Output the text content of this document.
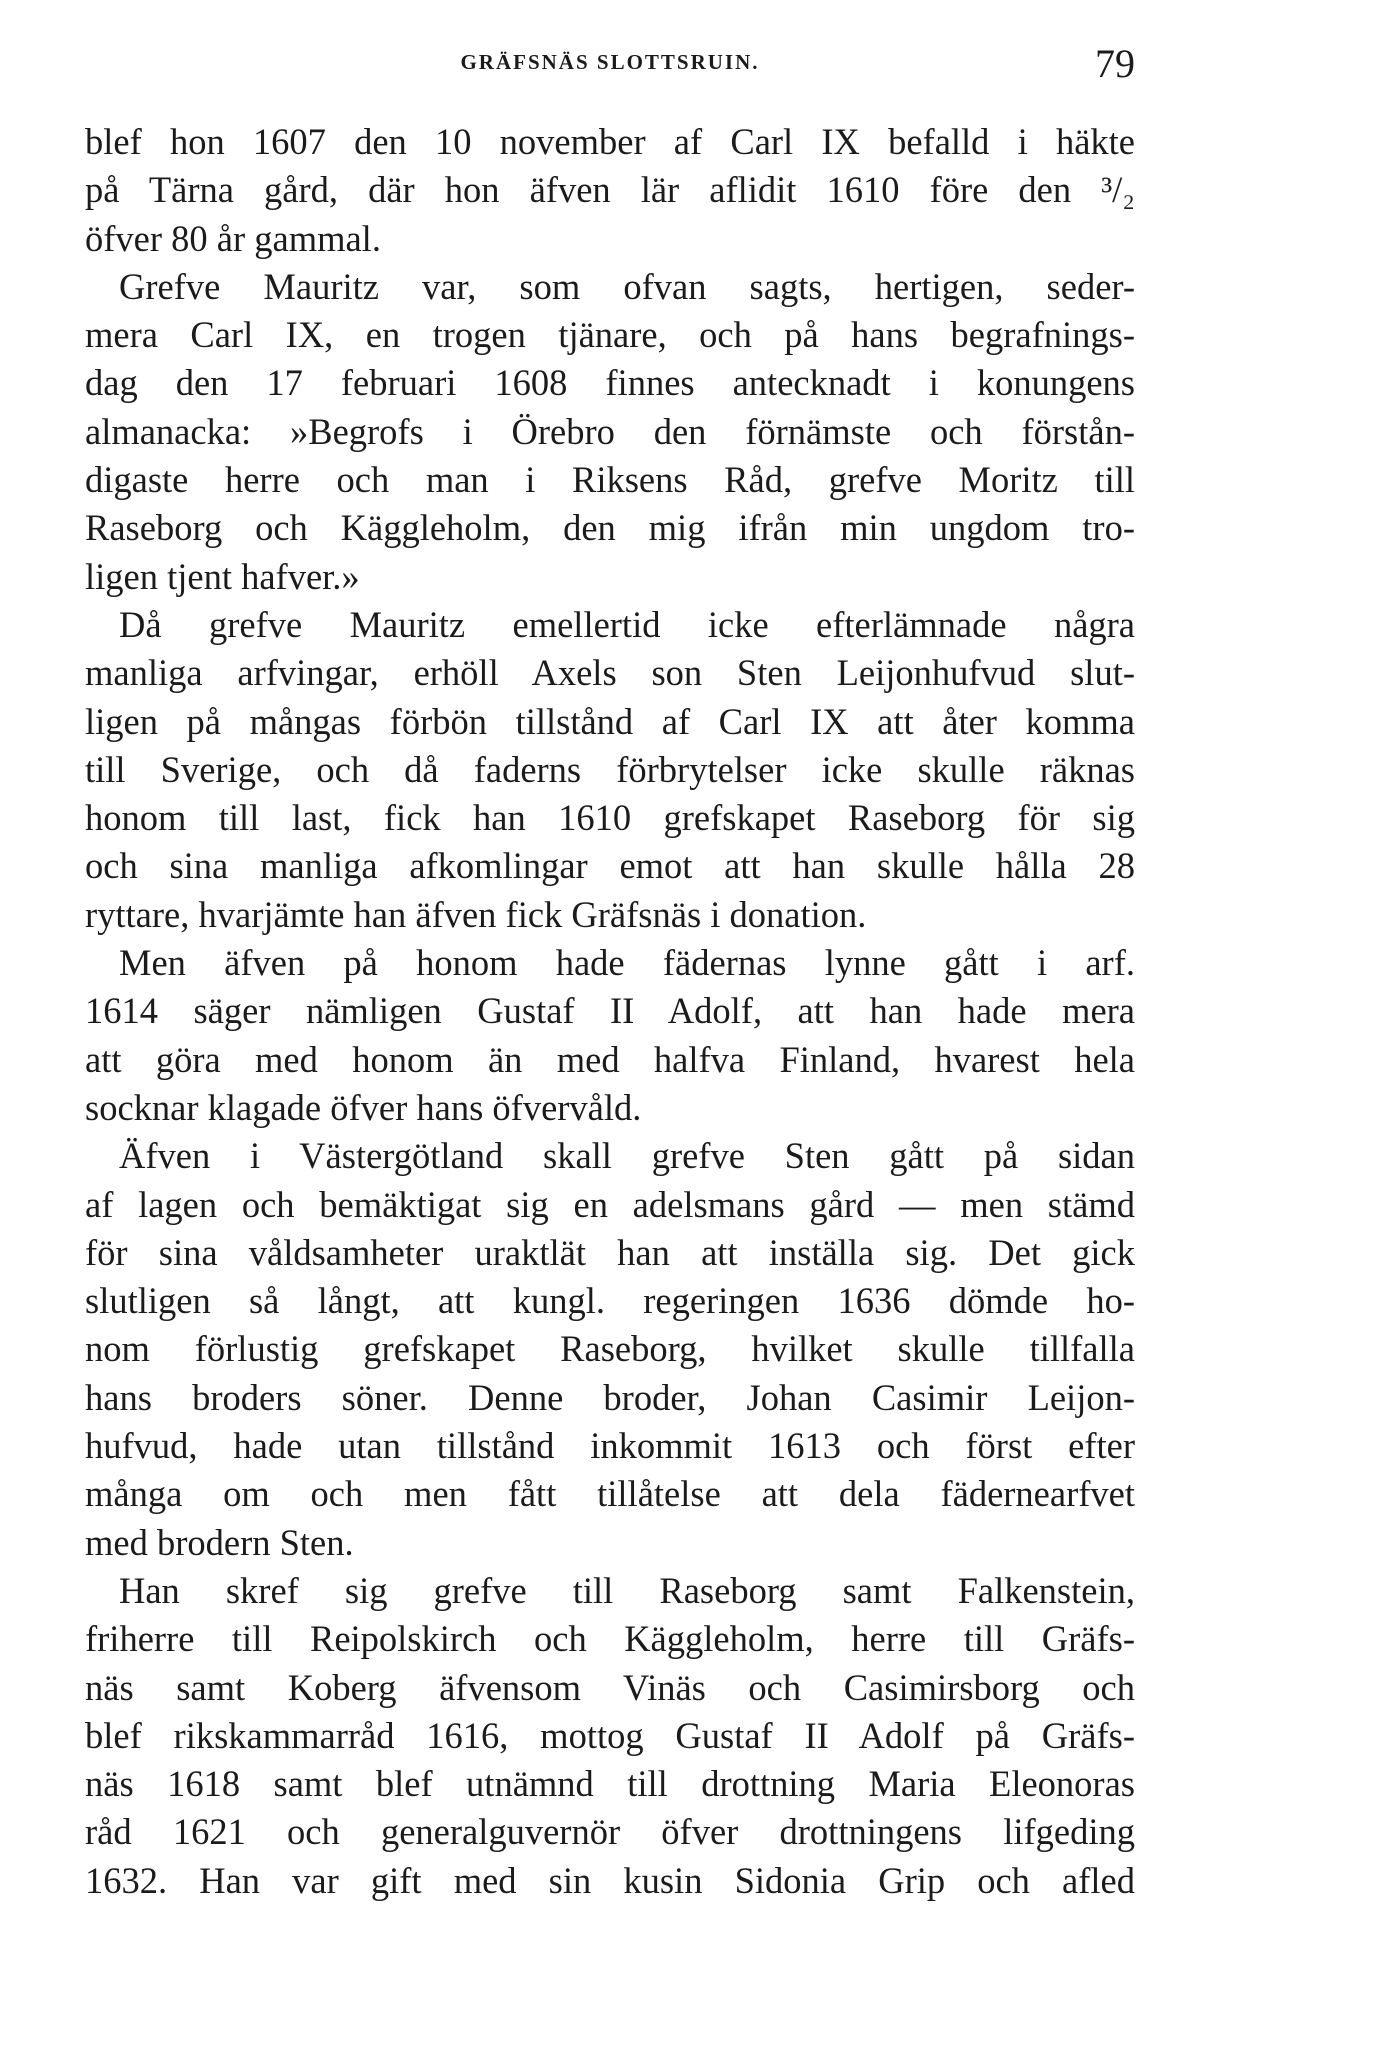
GRÄFSNÄS SLOTTSRUIN.	79
blef hon 1607 den 10 november af Carl IX befalld i häkte
på Tärna gård, där hon äfven lär aflidit 1610 före den ³/₂
öfver 80 år gammal.
Grefve Mauritz var, som ofvan sagts, hertigen, seder-
mera Carl IX, en trogen tjänare, och på hans begrafnings-
dag den 17 februari 1608 finnes antecknadt i konungens
almanacka: »Begrofs i Örebro den förnämste och förstån-
digaste herre och man i Riksens Råd, grefve Moritz till
Raseborg och Käggleholm, den mig ifrån min ungdom tro-
ligen tjent hafver.»
Då grefve Mauritz emellertid icke efterlämnade några
manliga arfvingar, erhöll Axels son Sten Leijonhufvud slut-
ligen på mångas förbön tillstånd af Carl IX att åter komma
till Sverige, och då faderns förbrytelser icke skulle räknas
honom till last, fick han 1610 grefskapet Raseborg för sig
och sina manliga afkomlingar emot att han skulle hålla 28
ryttare, hvarjämte han äfven fick Gräfsnäs i donation.
Men äfven på honom hade fädernas lynne gått i arf.
1614 säger nämligen Gustaf II Adolf, att han hade mera
att göra med honom än med halfva Finland, hvarest hela
socknar klagade öfver hans öfvervåld.
Äfven i Västergötland skall grefve Sten gått på sidan
af lagen och bemäktigat sig en adelsmans gård — men stämd
för sina våldsamheter uraktlät han att inställa sig. Det gick
slutligen så långt, att kungl. regeringen 1636 dömde ho-
nom förlustig grefskapet Raseborg, hvilket skulle tillfalla
hans broders söner. Denne broder, Johan Casimir Leijon-
hufvud, hade utan tillstånd inkommit 1613 och först efter
många om och men fått tillåtelse att dela fädernearfvet
med brodern Sten.
Han skref sig grefve till Raseborg samt Falkenstein,
friherre till Reipolskirch och Käggleholm, herre till Gräfs-
näs samt Koberg äfvensom Vinäs och Casimirsborg och
blef rikskammarråd 1616, mottog Gustaf II Adolf på Gräfs-
näs 1618 samt blef utnämnd till drottning Maria Eleonoras
råd 1621 och generalguvernör öfver drottningens lifgeding
1632. Han var gift med sin kusin Sidonia Grip och afled
